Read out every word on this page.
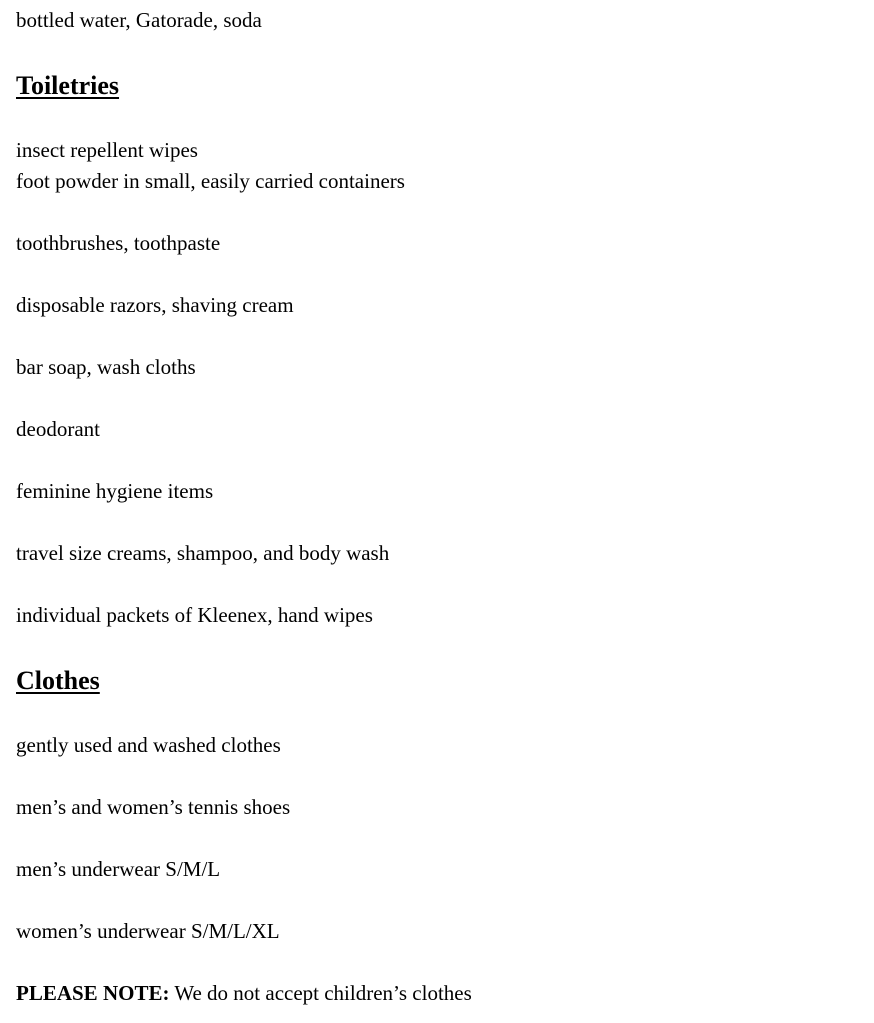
bottled water, Gatorade, soda

Toiletries

insect repellent wipes
foot powder in small, easily carried containers

toothbrushes, toothpaste

disposable razors, shaving cream

bar soap, wash cloths

deodorant

feminine hygiene items

travel size creams, shampoo, and body wash

individual packets of Kleenex, hand wipes

Clothes

gently used and washed clothes

men’s and women’s tennis shoes

men’s underwear S/M/L

women’s underwear S/M/L/XL

PLEASE NOTE: We do not accept children’s clothes
